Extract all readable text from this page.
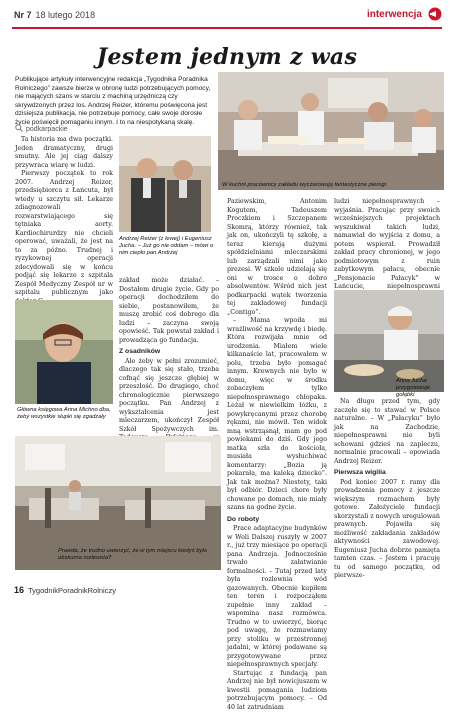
Nr 7 18 lutego 2018	interwencja
Jestem jednym z was

Publikujące artykuły interwencyjne redakcja „Tygodnika Poradnika Rolniczego” zawsze bierze w obronę ludzi potrzebujących pomocy, nie mających szans w starciu z machiną urzędniczą czy skrywdzonych przez los. Andrzej Reizer, któremu poświęcona jest dzisiejsza publikacja, nie potrzebuje pomocy, całe swoje dorosłe życie poświęcił pomaganiu innym. I to na niespotykaną skalę.

podkarpackie
W kuchni pracownicy zakładu wyczarowują fantastyczne pierogi

Ta historia ma dwa początki. Jeden dramatyczny, drugi smutny. Ale jej ciąg dalszy przywraca wiarę w ludzi.

Pierwszy początek to rok 2007. Andrzej Reizer, przedsiębiorca z Łańcuta, był wtedy u szczytu sił. Lekarze zdiagnozowali rozwarstwiającego się tętniaka aorty. Kardiochirurdzy nie chcieli operować, uważali, że jest na to za późno. Trudnej i ryzykownej operacji zdecydowali się w końcu podjąć się lekarze z szpitala Zespół Medyczny Zespół nr w szpitalu publicznym jako

Andrzej Reizer (z lewej) i Eugeniusz Jucha. – Już go nie oddam – mówi o nim ciepło pan Andrzej

zakład może działać. – Dostałem drugie życie. Gdy po operacji dochodziłem do siebie, postanowiłem, że muszę zrobić coś dobrego dla ludzi – zaczyna swoją opowieść. Tak powstał zakład i prowadząca go fundacja.

Z osadników

Ale żeby w pełni zrozumieć, dlaczego tak się stało, trzeba cofnąć się jeszcze głębiej w przeszłość. Do drugiego, choć chronologicznie pierwszego początku. Pan Andrzej z wykształcenia jest mleczarzem, ukończył Zespół Szkół Spożywczych im.

Główna księgowa Anna Michno dba, żeby wszystkie słupki się zgadzały

Paziewskim, Antonim Kogutem, Tadeuszem Proczkiem i Szczepanem Skomrą, którzy również, tak jak on, ukończyli tę szkołę, a teraz kierują dużymi spółdzielniami mleczarskimi lub zarządzali nimi jako prezesi. W szkole udzielają się oni w trosce o dobro absolwentów. Wśród nich jest podkarpacki wątek tworzenia tej zakładowej fundacji „Contigo”.

– Mama wpoiła mi wrażliwość na krzywdę i biedę. Która rozwijała mnie od urodzenia. Miałem wiele kilkanaście lat, pracowałem w polu, trzeba było pomagać innym. Krewnych nie było w domu, więc w środku zobaczyłem tylko niepełnosprawnego chłopaka. Leżał w niewielkim łóżku, z powykręcanymi przez chorobę rękami, nie mówił. Ten widok mną wstrząsnął, mam go pod powiekami do dziś. Gdy jego matka szła do kościoła, musiała wysłuchiwać komentarzy: „Bozia ją pokarała, ma kaleką dziecko”. Jak tak można? Niestety, taki był odbiór. Dzieci chore były chowane po domach, nie miały szans na godne życie.

Do roboty

Prace adaptacyjne budynków w Woli Dalszej ruszyły w 2007 r., już trzy miesiące po operacji pana Andrzeja. Jednocześnie trwało załatwianie formalności. – Tutaj przed laty była rozlewnia wód gazowanych. Obecnie kupiłem ten teren i rozpocząłem zupełnie inny zakład – wspomina nasz rozmówca. Trudno w to uwierzyć, biorąc pod uwagę, że rozmawiamy przy stoliku w przestronnej jadalni, w której podawane są przygotowywane przez niepełnosprawnych specjały.

Startując z fundacją pan Andrzej nie był nowicjuszem w kwestii pomagania ludziom potrzebującym pomocy. – Od 40 lat zatrudniam

ludzi niepełnosprawnych – wyjaśnia. Pracując przy swoich wcześniejszych projektach wyszukiwał takich ludzi, namawiał do wyjścia z domu, a potem wspierał. Prowadził zakład pracy chronionej, w jego podmiotowym z ruin zabytkowym pałacu, obecnie „Pensjonacie Pałacyk” w Łańcucie, niepełnosprawni

Anna Jucha przygotowuje gołąbki

Na długo przed tym, gdy zaczęło się to stawać w Polsce naturalne. – W „Pałacyku” było jak na Zachodzie, niepełnosprawni nie byli schowani gdzieś na zapleczu, normalnie pracowali – opowiada Andrzej Reizer.

Pierwsza wigilia

Pod koniec 2007 r. ramy dla prowadzenia pomocy z jeszcze większym rozmachem były gotowe. Założyciele fundacji skorzystali z nowych uregulowań prawnych. Pojawiła się możliwość zakładania zakładów aktywności zawodowej. Eugeniusz Jucha dobrze pamięta tamten czas. – Jestem i pracuję tu od samego początku, od pierwsze-

Prawda, że trudno uwierzyć, że w tym miejscu kiedyś była obskurna rozlewnia?
16 TygodnikPoradnikRolniczy
